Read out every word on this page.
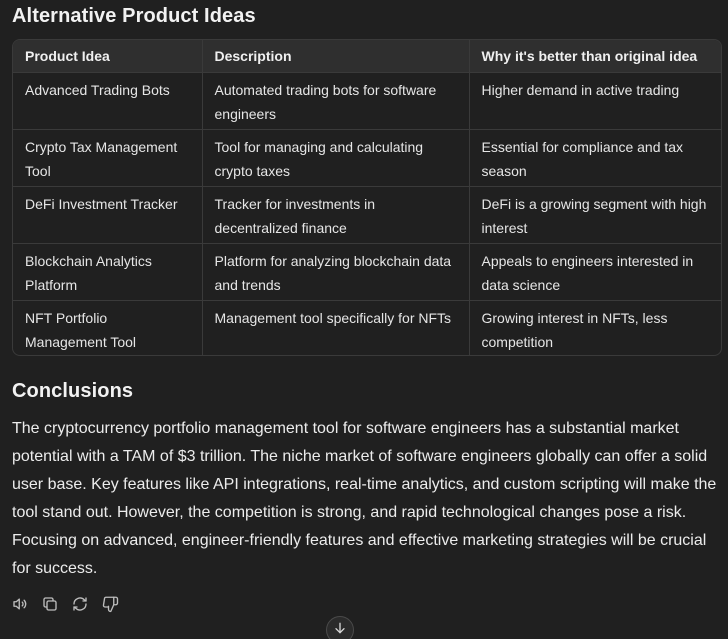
Alternative Product Ideas
Product Idea	Description	Why it's better than original idea
Advanced Trading Bots	Automated trading bots for software engineers	Higher demand in active trading
Crypto Tax Management Tool	Tool for managing and calculating crypto taxes	Essential for compliance and tax season
DeFi Investment Tracker	Tracker for investments in decentralized finance	DeFi is a growing segment with high interest
Blockchain Analytics Platform	Platform for analyzing blockchain data and trends	Appeals to engineers interested in data science
NFT Portfolio Management Tool	Management tool specifically for NFTs	Growing interest in NFTs, less competition
Conclusions
The cryptocurrency portfolio management tool for software engineers has a substantial market potential with a TAM of $3 trillion. The niche market of software engineers globally can offer a solid user base. Key features like API integrations, real-time analytics, and custom scripting will make the tool stand out. However, the competition is strong, and rapid technological changes pose a risk. Focusing on advanced, engineer-friendly features and effective marketing strategies will be crucial for success.
